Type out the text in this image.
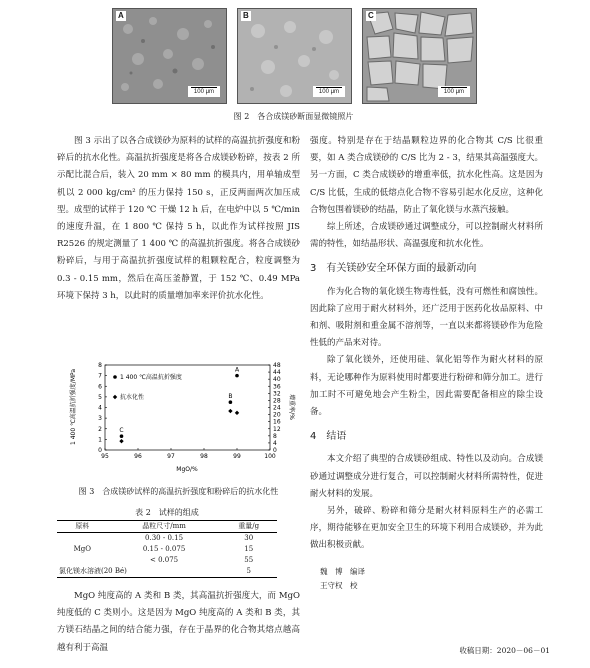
A
100 μm
B
100 μm
C
100 μm
图 2　各合成镁砂断面显微镜照片

图 3 示出了以各合成镁砂为原料的试样的高温抗折强度和粉碎后的抗水化性。高温抗折强度是将各合成镁砂粉碎，按表 2 所示配比混合后，装入 20 mm × 80 mm 的模具内，用单轴成型机以 2 000 kg/cm² 的压力保持 150 s，正反两面两次加压成型。成型的试样于 120 ℃ 干燥 12 h 后，在电炉中以 5 ℃/min 的速度升温，在 1 800 ℃ 保持 5 h，以此作为试样按照 JIS R2526 的规定测量了 1 400 ℃ 的高温抗折强度。将各合成镁砂粉碎后，与用于高温抗折强度试样的粗颗粒配合，粒度调整为 0.3 - 0.15 mm，然后在高压釜静置，于 152 ℃、0.49 MPa 环境下保持 3 h，以此时的质量增加率来评价抗水化性。

95	96	97	98	99	100
0
1
2
3
4
5
6
7
8
0
4
8
12
16
20
24
28
32
36
40
44
48
1 400 ℃高温抗折强度
抗水化性
C
B
A
1 400 ℃高温抗折强度/MPa	增重率/%
MgO/%
图 3　合成镁砂试样的高温抗折强度和粉碎后的抗水化性
表 2　试样的组成
原料	晶粒尺寸/mm	重量/g
	0.30 - 0.15	30
MgO	0.15 - 0.075	15
	< 0.075	55
氯化镁水溶液(20 Bé)		5

MgO 纯度高的 A 类和 B 类，其高温抗折强度大，而 MgO 纯度低的 C 类则小。这是因为 MgO 纯度高的 A 类和 B 类，其方镁石结晶之间的结合能力强，存在于晶界的化合物其熔点越高越有利于高温

强度。特别是存在于结晶颗粒边界的化合物其 C/S 比很重要，如 A 类合成镁砂的 C/S 比为 2 - 3，结果其高温强度大。另一方面，C 类合成镁砂的增重率低，抗水化性高。这是因为 C/S 比低，生成的低熔点化合物不容易引起水化反应，这种化合物包围着镁砂的结晶，防止了氧化镁与水蒸汽接触。

综上所述，合成镁砂通过调整成分，可以控制耐火材料所需的特性，如结晶形状、高温强度和抗水化性。

3　 有关镁砂安全环保方面的最新动向

作为化合物的氧化镁生物毒性低，没有可燃性和腐蚀性。因此除了应用于耐火材料外，还广泛用于医药化妆品原料、中和剂、吸附剂和重金属不溶剂等，一直以来都将镁砂作为危险性低的产品来对待。

除了氧化镁外，还使用硅、氧化铝等作为耐火材料的原料，无论哪种作为原料使用时都要进行粉碎和筛分加工。进行加工时不可避免地会产生粉尘，因此需要配备相应的除尘设备。

4　 结语

本文介绍了典型的合成镁砂组成、特性以及动向。合成镁砂通过调整成分进行复合，可以控制耐火材料所需特性，促进耐火材料的发展。

另外，破碎、粉碎和筛分是耐火材料原料生产的必需工序，期待能够在更加安全卫生的环境下利用合成镁砂，并为此做出积极贡献。

魏　博　编译
王守权　校
收稿日期：2020－06－01
